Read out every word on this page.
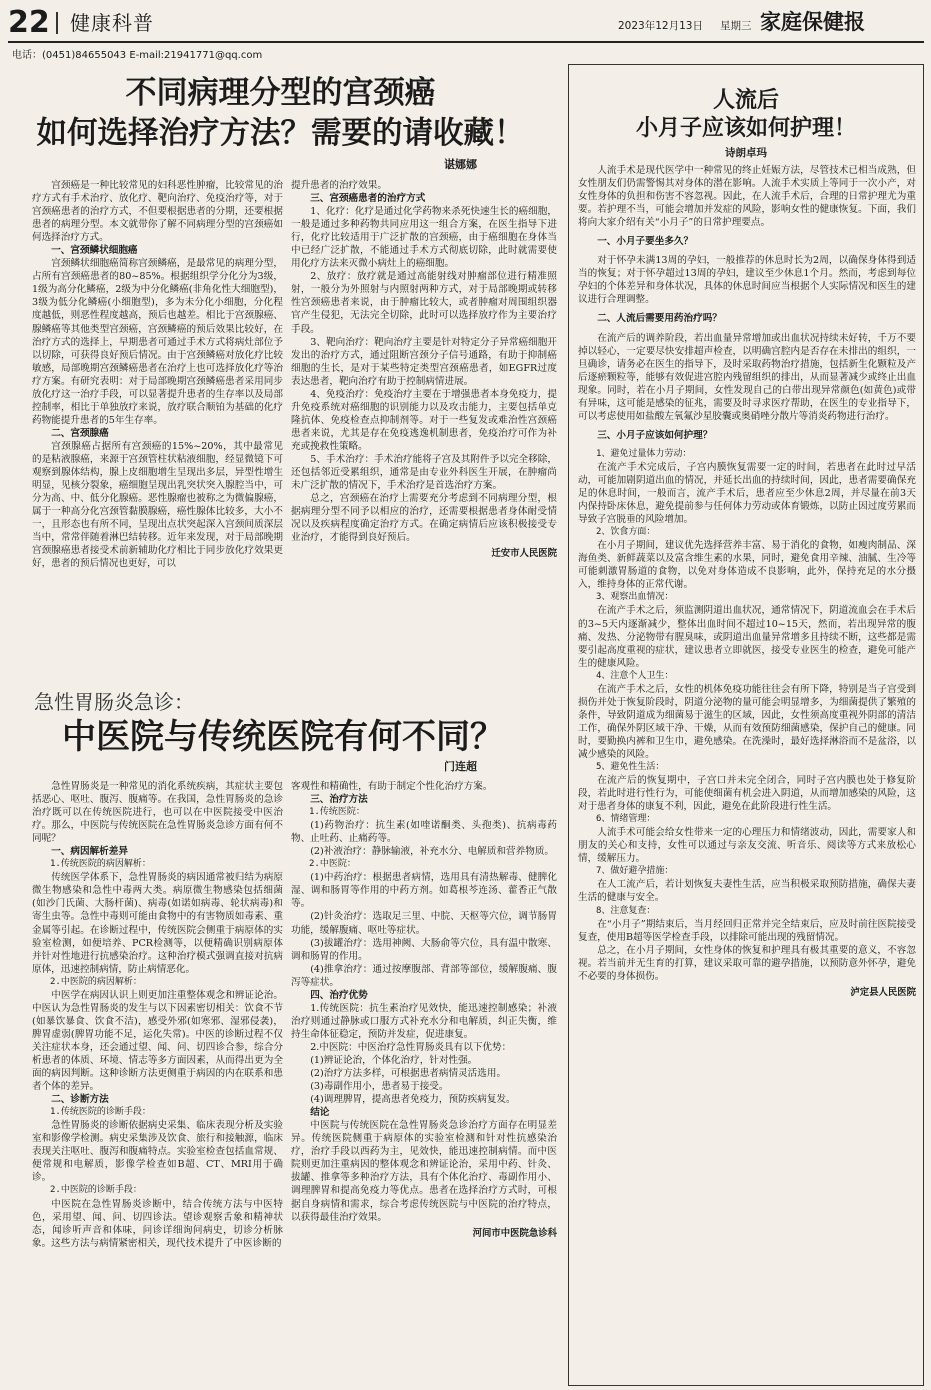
22 健康科普	2023年12月13日 星期三 家庭保健报
电话：(0451)84655043 E-mail:21941771@qq.com
不同病理分型的宫颈癌
如何选择治疗方法？需要的请收藏！
谌娜娜

宫颈癌是一种比较常见的妇科恶性肿瘤，比较常见的治疗方式有手术治疗、放化疗、靶向治疗、免疫治疗等，对于宫颈癌患者的治疗方式，不但要根据患者的分期，还要根据患者的病理分型。本文就带你了解不同病理分型的宫颈癌如何选择治疗方式。

一、宫颈鳞状细胞癌

宫颈鳞状细胞癌简称宫颈鳞癌，是最常见的病理分型，占所有宫颈癌患者的80~85%。根据组织学分化分为3级，1级为高分化鳞癌，2级为中分化鳞癌(非角化性大细胞型)，3级为低分化鳞癌(小细胞型)，多为未分化小细胞，分化程度越低，则恶性程度越高，预后也越差。相比于宫颈腺癌、腺鳞癌等其他类型宫颈癌，宫颈鳞癌的预后效果比较好，在治疗方式的选择上，早期患者可通过手术方式将病灶部位予以切除，可获得良好预后情况。由于宫颈鳞癌对放化疗比较敏感，局部晚期宫颈鳞癌患者在治疗上也可选择放化疗等治疗方案。有研究表明：对于局部晚期宫颈鳞癌患者采用同步放化疗这一治疗手段，可以显著提升患者的生存率以及局部控制率，相比于单独放疗来说，放疗联合顺铂为基础的化疗药物能提升患者的5年生存率。

二、宫颈腺癌

宫颈腺癌占据所有宫颈癌的15%~20%，其中最常见的是粘液腺癌，来源于宫颈管柱状粘液细胞，经显微镜下可观察到腺体结构，腺上皮细胞增生呈现出多层，异型性增生明显，见核分裂象，癌细胞呈现出乳突状突入腺腔当中，可分为高、中、低分化腺癌。恶性腺瘤也被称之为微偏腺癌，属于一种高分化宫颈管黏膜腺癌，癌性腺体比较多，大小不一，且形态也有所不同，呈现出点状突起深入宫颈间质深层当中，常常伴随着淋巴结转移。近年来发现，对于局部晚期宫颈腺癌患者接受术前新辅助化疗相比于同步放化疗效果更好，患者的预后情况也更好，可以

提升患者的治疗效果。

三、宫颈癌患者的治疗方式

1、化疗：化疗是通过化学药物来杀死快速生长的癌细胞，一般是通过多种药物共同应用这一组合方案，在医生指导下进行，化疗比较适用于广泛扩散的宫颈癌，由于癌细胞在身体当中已经广泛扩散，不能通过手术方式彻底切除，此时就需要使用化疗方法来灭微小病灶上的癌细胞。

2、放疗：放疗就是通过高能射线对肿瘤部位进行精准照射，一般分为外照射与内照射两种方式，对于局部晚期或转移性宫颈癌患者来说，由于肿瘤比较大，或者肿瘤对周围组织器官产生侵犯，无法完全切除，此时可以选择放疗作为主要治疗手段。

3、靶向治疗：靶向治疗主要是针对特定分子异常癌细胞开发出的治疗方式，通过阻断宫颈分子信号通路，有助于抑制癌细胞的生长，是对于某些特定类型宫颈癌患者，如EGFR过度表达患者，靶向治疗有助于控制病情进展。

4、免疫治疗：免疫治疗主要在于增强患者本身免疫力，提升免疫系统对癌细胞的识别能力以及攻击能力，主要包括单克隆抗体、免疫检查点抑制剂等。对于一些复发或难治性宫颈癌患者来说，尤其是存在免疫逃逸机制患者，免疫治疗可作为补充或挽救性策略。

5、手术治疗：手术治疗能将子宫及其附件予以完全移除，还包括邻近受累组织，通常是由专业外科医生开展，在肿瘤尚未广泛扩散的情况下，手术治疗是首选治疗方案。

总之，宫颈癌在治疗上需要充分考虑到不同病理分型，根据病理分型不同予以相应的治疗，还需要根据患者身体耐受情况以及疾病程度确定治疗方式。在确定病情后应该积极接受专业治疗，才能得到良好预后。

迁安市人民医院

急性胃肠炎急诊：
中医院与传统医院有何不同？
门连超

急性胃肠炎是一种常见的消化系统疾病，其症状主要包括恶心、呕吐、腹泻、腹痛等。在我国，急性胃肠炎的急诊治疗既可以在传统医院进行，也可以在中医院接受中医治疗。那么，中医院与传统医院在急性胃肠炎急诊方面有何不同呢？

一、病因解析差异

1.传统医院的病因解析：

传统医学体系下，急性胃肠炎的病因通常被归结为病原微生物感染和急性中毒两大类。病原微生物感染包括细菌(如沙门氏菌、大肠杆菌)、病毒(如诺如病毒、轮状病毒)和寄生虫等。急性中毒则可能由食物中的有害物质如毒素、重金属等引起。在诊断过程中，传统医院会侧重于病原体的实验室检测，如便培养、PCR检测等，以便精确识别病原体并针对性地进行抗感染治疗。这种治疗模式强调直接对抗病原体，迅速控制病情，防止病情恶化。

2.中医院的病因解析：

中医学在病因认识上则更加注重整体观念和辨证论治。中医认为急性胃肠炎的发生与以下因素密切相关：饮食不节(如暴饮暴食、饮食不洁)，感受外邪(如寒邪、湿邪侵袭)，脾胃虚弱(脾胃功能不足，运化失常)。中医的诊断过程不仅关注症状本身，还会通过望、闻、问、切四诊合参，综合分析患者的体质、环境、情志等多方面因素，从而得出更为全面的病因判断。这种诊断方法更侧重于病因的内在联系和患者个体的差异。

二、诊断方法

1.传统医院的诊断手段：

急性胃肠炎的诊断依据病史采集、临床表现分析及实验室和影像学检测。病史采集涉及饮食、旅行和接触源，临床表现关注呕吐、腹泻和腹痛特点。实验室检查包括血常规、便常规和电解质，影像学检查如B超、CT、MRI用于确诊。

2.中医院的诊断手段：

中医院在急性胃肠炎诊断中，结合传统方法与中医特色，采用望、闻、问、切四诊法。望诊观察舌象和精神状态，闻诊听声音和体味，问诊详细询问病史，切诊分析脉象。这些方法与病情紧密相关，现代技术提升了中医诊断的

客观性和精确性，有助于制定个性化治疗方案。

三、治疗方法

1.传统医院：

(1)药物治疗：抗生素(如喹诺酮类、头孢类)、抗病毒药物、止吐药、止痛药等。

(2)补液治疗：静脉输液，补充水分、电解质和营养物质。

2.中医院：

(1)中药治疗：根据患者病情，选用具有清热解毒、健脾化湿、调和肠胃等作用的中药方剂。如葛根芩连汤、藿香正气散等。

(2)针灸治疗：选取足三里、中脘、天枢等穴位，调节肠胃功能，缓解腹痛、呕吐等症状。

(3)拔罐治疗：选用神阙、大肠俞等穴位，具有温中散寒、调和肠胃的作用。

(4)推拿治疗：通过按摩腹部、背部等部位，缓解腹痛、腹泻等症状。

四、治疗优势

1.传统医院：抗生素治疗见效快，能迅速控制感染；补液治疗则通过静脉或口服方式补充水分和电解质，纠正失衡，维持生命体征稳定，预防并发症，促进康复。

2.中医院：中医治疗急性胃肠炎具有以下优势：

(1)辨证论治，个体化治疗，针对性强。

(2)治疗方法多样，可根据患者病情灵活选用。

(3)毒副作用小，患者易于接受。

(4)调理脾胃，提高患者免疫力，预防疾病复发。

结论

中医院与传统医院在急性胃肠炎急诊治疗方面存在明显差异。传统医院侧重于病原体的实验室检测和针对性抗感染治疗，治疗手段以西药为主，见效快，能迅速控制病情。而中医院则更加注重病因的整体观念和辨证论治，采用中药、针灸、拔罐、推拿等多种治疗方法，具有个体化治疗、毒副作用小、调理脾胃和提高免疫力等优点。患者在选择治疗方式时，可根据自身病情和需求，综合考虑传统医院与中医院的治疗特点，以获得最佳治疗效果。

河间市中医院急诊科

人流后
小月子应该如何护理！
诗朗卓玛

人流手术是现代医学中一种常见的终止妊娠方法，尽管技术已相当成熟，但女性朋友们仍需警惕其对身体的潜在影响。人流手术实质上等同于一次小产，对女性身体的负担和伤害不容忽视。因此，在人流手术后，合理的日常护理尤为重要。若护理不当，可能会增加并发症的风险，影响女性的健康恢复。下面，我们将向大家介绍有关“小月子”的日常护理要点。

一、小月子要坐多久？

对于怀孕未满13周的孕妇，一般推荐的休息时长为2周，以确保身体得到适当的恢复；对于怀孕超过13周的孕妇，建议至少休息1个月。然而，考虑到每位孕妇的个体差异和身体状况，具体的休息时间应当根据个人实际情况和医生的建议进行合理调整。

二、人流后需要用药治疗吗？

在流产后的调养阶段，若出血量异常增加或出血状况持续未好转，千万不要掉以轻心，一定要尽快安排超声检查，以明确宫腔内是否存在未排出的组织，一旦确诊，请务必在医生的指导下，及时采取药物治疗措施，包括新生化颗粒及产后逐瘀颗粒等，能够有效促进宫腔内残留组织的排出，从而显著减少或终止出血现象。同时，若在小月子期间，女性发现自己的白带出现异常颜色(如黄色)或带有异味，这可能是感染的征兆，需要及时寻求医疗帮助，在医生的专业指导下，可以考虑使用如盐酸左氧氟沙星胶囊或奥硝唑分散片等消炎药物进行治疗。

三、小月子应该如何护理？

1、避免过量体力劳动：

在流产手术完成后，子宫内膜恢复需要一定的时间，若患者在此时过早活动，可能加剧阴道出血的情况，并延长出血的持续时间，因此，患者需要确保充足的休息时间，一般而言，流产手术后，患者应至少休息2周，并尽量在前3天内保持卧床休息，避免提前参与任何体力劳动或体育锻炼，以防止因过度劳累而导致子宫脱垂的风险增加。

2、饮食方面：

在小月子期间，建议优先选择营养丰富、易于消化的食物，如瘦肉制品、深海鱼类、新鲜蔬菜以及富含维生素的水果，同时，避免食用辛辣、油腻、生冷等可能刺激胃肠道的食物，以免对身体造成不良影响，此外，保持充足的水分摄入，维持身体的正常代谢。

3、观察出血情况：

在流产手术之后，须监测阴道出血状况，通常情况下，阴道流血会在手术后的3~5天内逐渐减少，整体出血时间不超过10~15天，然而，若出现异常的腹痛、发热、分泌物带有腥臭味，或阴道出血量异常增多且持续不断，这些都是需要引起高度重视的症状，建议患者立即就医，接受专业医生的检查，避免可能产生的健康风险。

4、注意个人卫生：

在流产手术之后，女性的机体免疫功能往往会有所下降，特别是当子宫受到损伤并处于恢复阶段时，阴道分泌物的量可能会明显增多，为细菌提供了繁殖的条件，导致阴道成为细菌易于滋生的区域，因此，女性须高度重视外阴部的清洁工作，确保外阴区域干净、干燥，从而有效预防细菌感染，保护自己的健康。同时，要勤换内裤和卫生巾，避免感染。在洗澡时，最好选择淋浴而不是盆浴，以减少感染的风险。

5、避免性生活：

在流产后的恢复期中，子宫口并未完全闭合，同时子宫内膜也处于修复阶段，若此时进行性行为，可能使细菌有机会进入阴道，从而增加感染的风险，这对于患者身体的康复不利，因此，避免在此阶段进行性生活。

6、情绪管理：

人流手术可能会给女性带来一定的心理压力和情绪波动，因此，需要家人和朋友的关心和支持，女性可以通过与亲友交流、听音乐、阅读等方式来放松心情，缓解压力。

7、做好避孕措施：

在人工流产后，若计划恢复夫妻性生活，应当积极采取预防措施，确保夫妻生活的健康与安全。

8、注意复查：

在“小月子”期结束后，当月经回归正常并完全结束后，应及时前往医院接受复查，使用B超等医学检查手段，以排除可能出现的残留情况。

总之，在小月子期间，女性身体的恢复和护理具有极其重要的意义，不容忽视。若当前并无生育的打算，建议采取可靠的避孕措施，以预防意外怀孕，避免不必要的身体损伤。

泸定县人民医院
